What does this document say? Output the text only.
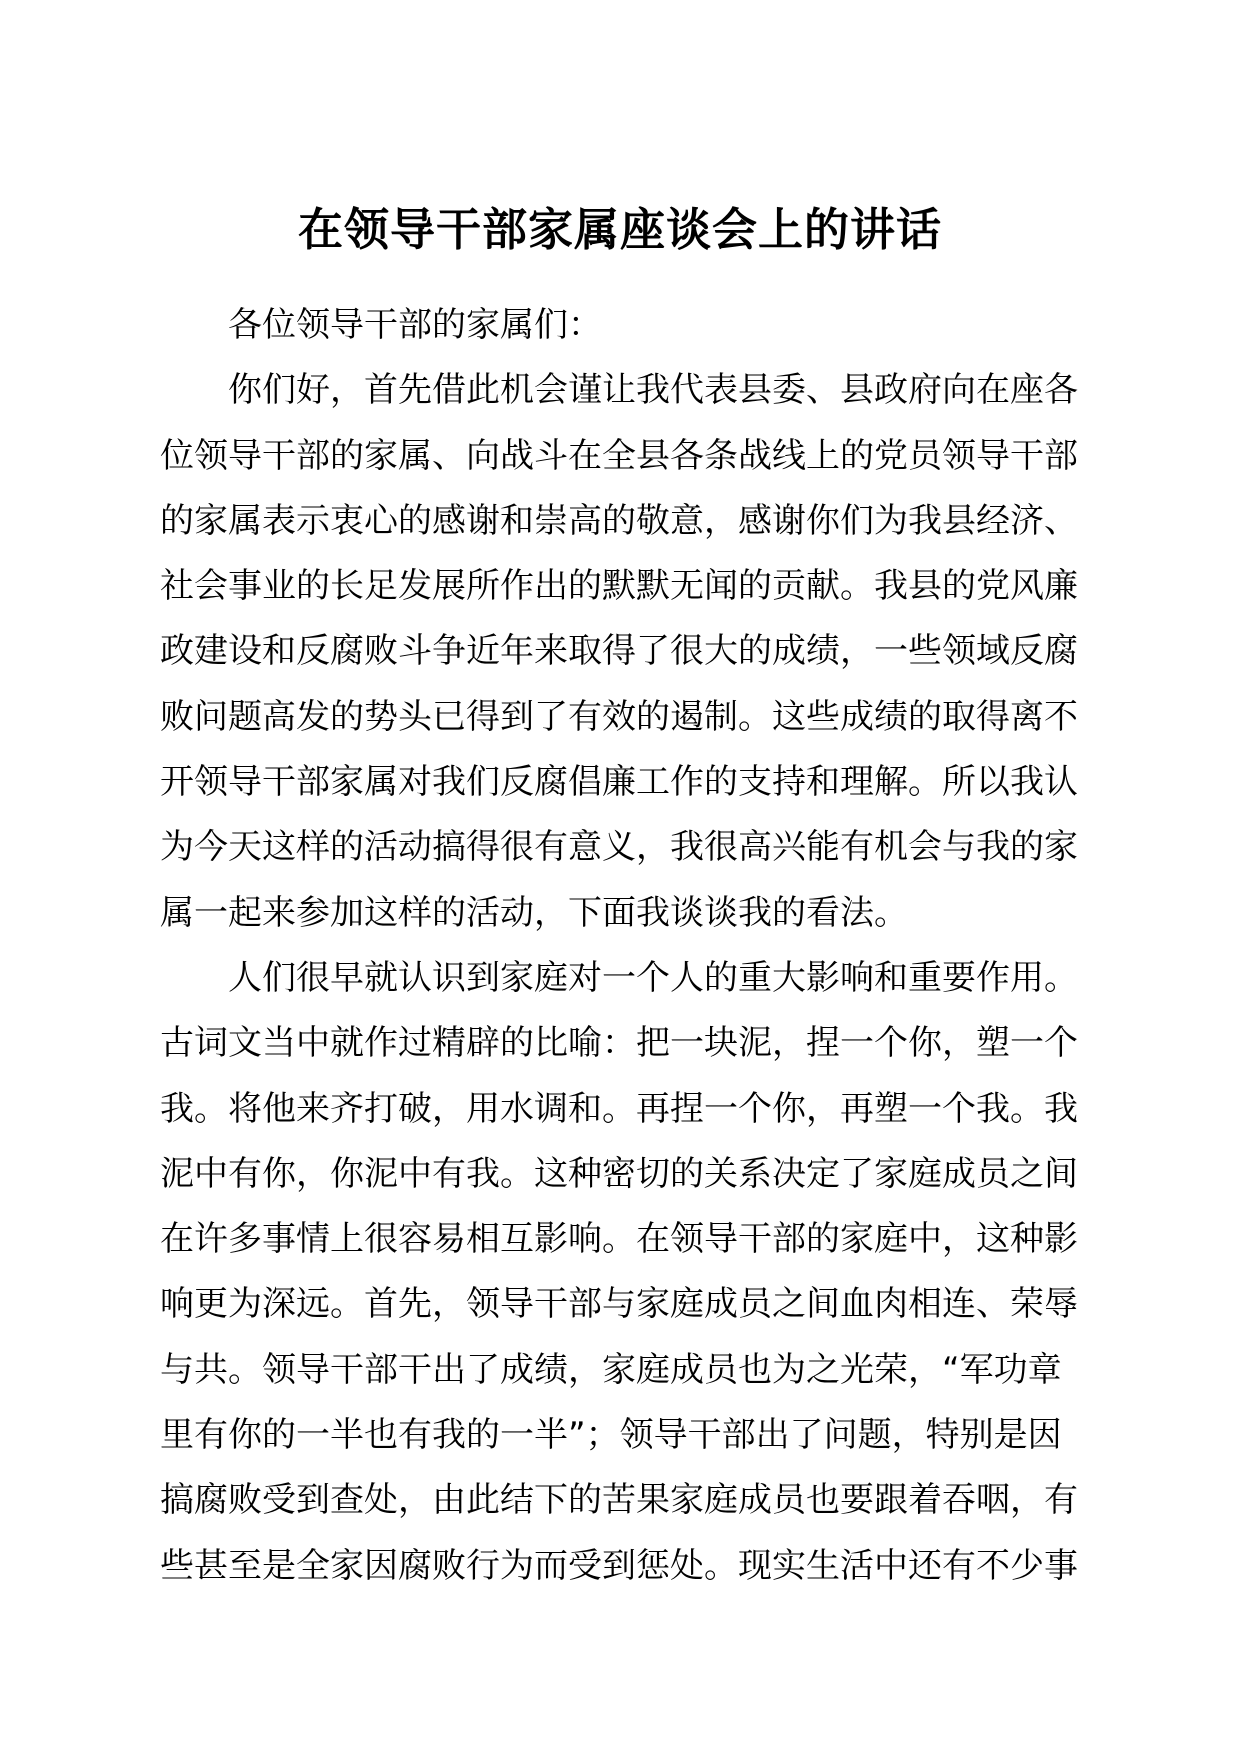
在领导干部家属座谈会上的讲话
各位领导干部的家属们：
你们好，首先借此机会谨让我代表县委、县政府向在座各
位领导干部的家属、向战斗在全县各条战线上的党员领导干部
的家属表示衷心的感谢和崇高的敬意，感谢你们为我县经济、
社会事业的长足发展所作出的默默无闻的贡献。我县的党风廉
政建设和反腐败斗争近年来取得了很大的成绩，一些领域反腐
败问题高发的势头已得到了有效的遏制。这些成绩的取得离不
开领导干部家属对我们反腐倡廉工作的支持和理解。所以我认
为今天这样的活动搞得很有意义，我很高兴能有机会与我的家
属一起来参加这样的活动，下面我谈谈我的看法。
人们很早就认识到家庭对一个人的重大影响和重要作用。
古词文当中就作过精辟的比喻：把一块泥，捏一个你，塑一个
我。将他来齐打破，用水调和。再捏一个你，再塑一个我。我
泥中有你，你泥中有我。这种密切的关系决定了家庭成员之间
在许多事情上很容易相互影响。在领导干部的家庭中，这种影
响更为深远。首先，领导干部与家庭成员之间血肉相连、荣辱
与共。领导干部干出了成绩，家庭成员也为之光荣，“军功章
里有你的一半也有我的一半”；领导干部出了问题，特别是因
搞腐败受到查处，由此结下的苦果家庭成员也要跟着吞咽，有
些甚至是全家因腐败行为而受到惩处。现实生活中还有不少事
